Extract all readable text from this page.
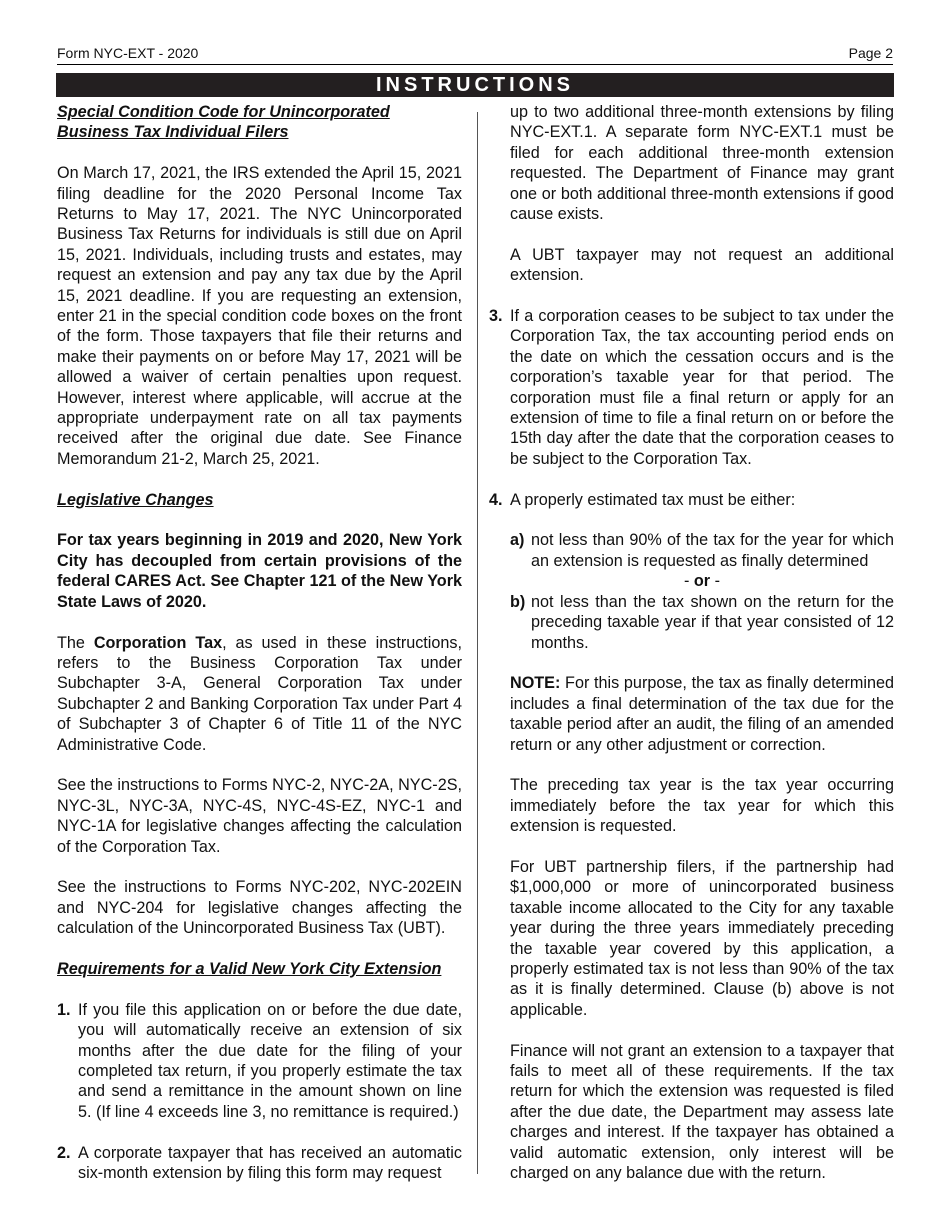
Form NYC-EXT - 2020	Page 2
INSTRUCTIONS

Special Condition Code for Unincorporated Business Tax Individual Filers

On March 17, 2021, the IRS extended the April 15, 2021 filing deadline for the 2020 Personal Income Tax Returns to May 17, 2021. The NYC Unincorporated Business Tax Returns for individuals is still due on April 15, 2021. Individuals, including trusts and estates, may request an extension and pay any tax due by the April 15, 2021 deadline. If you are requesting an extension, enter 21 in the special condition code boxes on the front of the form. Those taxpayers that file their returns and make their payments on or before May 17, 2021 will be allowed a waiver of certain penalties upon request. However, interest where applicable, will accrue at the appropriate underpayment rate on all tax payments received after the original due date. See Finance Memorandum 21-2, March 25, 2021.

Legislative Changes

For tax years beginning in 2019 and 2020, New York City has decoupled from certain provisions of the federal CARES Act. See Chapter 121 of the New York State Laws of 2020.

The Corporation Tax, as used in these instructions, refers to the Business Corporation Tax under Subchapter 3-A, General Corporation Tax under Subchapter 2 and Banking Corporation Tax under Part 4 of Subchapter 3 of Chapter 6 of Title 11 of the NYC Administrative Code.

See the instructions to Forms NYC-2, NYC-2A, NYC-2S, NYC-3L, NYC-3A, NYC-4S, NYC-4S-EZ, NYC-1 and NYC-1A for legislative changes affecting the calculation of the Corporation Tax.

See the instructions to Forms NYC-202, NYC-202EIN and NYC-204 for legislative changes affecting the calculation of the Unincorporated Business Tax (UBT).

Requirements for a Valid New York City Extension

1. If you file this application on or before the due date, you will automatically receive an extension of six months after the due date for the filing of your completed tax return, if you properly estimate the tax and send a remittance in the amount shown on line 5. (If line 4 exceeds line 3, no remittance is required.)
2. A corporate taxpayer that has received an automatic six-month extension by filing this form may request

up to two additional three-month extensions by filing NYC-EXT.1. A separate form NYC-EXT.1 must be filed for each additional three-month extension requested. The Department of Finance may grant one or both additional three-month extensions if good cause exists.

A UBT taxpayer may not request an additional extension.

3. If a corporation ceases to be subject to tax under the Corporation Tax, the tax accounting period ends on the date on which the cessation occurs and is the corporation’s taxable year for that period. The corporation must file a final return or apply for an extension of time to file a final return on or before the 15th day after the date that the corporation ceases to be subject to the Corporation Tax.
4. A properly estimated tax must be either:
a) not less than 90% of the tax for the year for which an extension is requested as finally determined
- or -
b) not less than the tax shown on the return for the preceding taxable year if that year consisted of 12 months.

NOTE: For this purpose, the tax as finally determined includes a final determination of the tax due for the taxable period after an audit, the filing of an amended return or any other adjustment or correction.

The preceding tax year is the tax year occurring immediately before the tax year for which this extension is requested.

For UBT partnership filers, if the partnership had $1,000,000 or more of unincorporated business taxable income allocated to the City for any taxable year during the three years immediately preceding the taxable year covered by this application, a properly estimated tax is not less than 90% of the tax as it is finally determined. Clause (b) above is not applicable.

Finance will not grant an extension to a taxpayer that fails to meet all of these requirements. If the tax return for which the extension was requested is filed after the due date, the Department may assess late charges and interest. If the taxpayer has obtained a valid automatic extension, only interest will be charged on any balance due with the return.
